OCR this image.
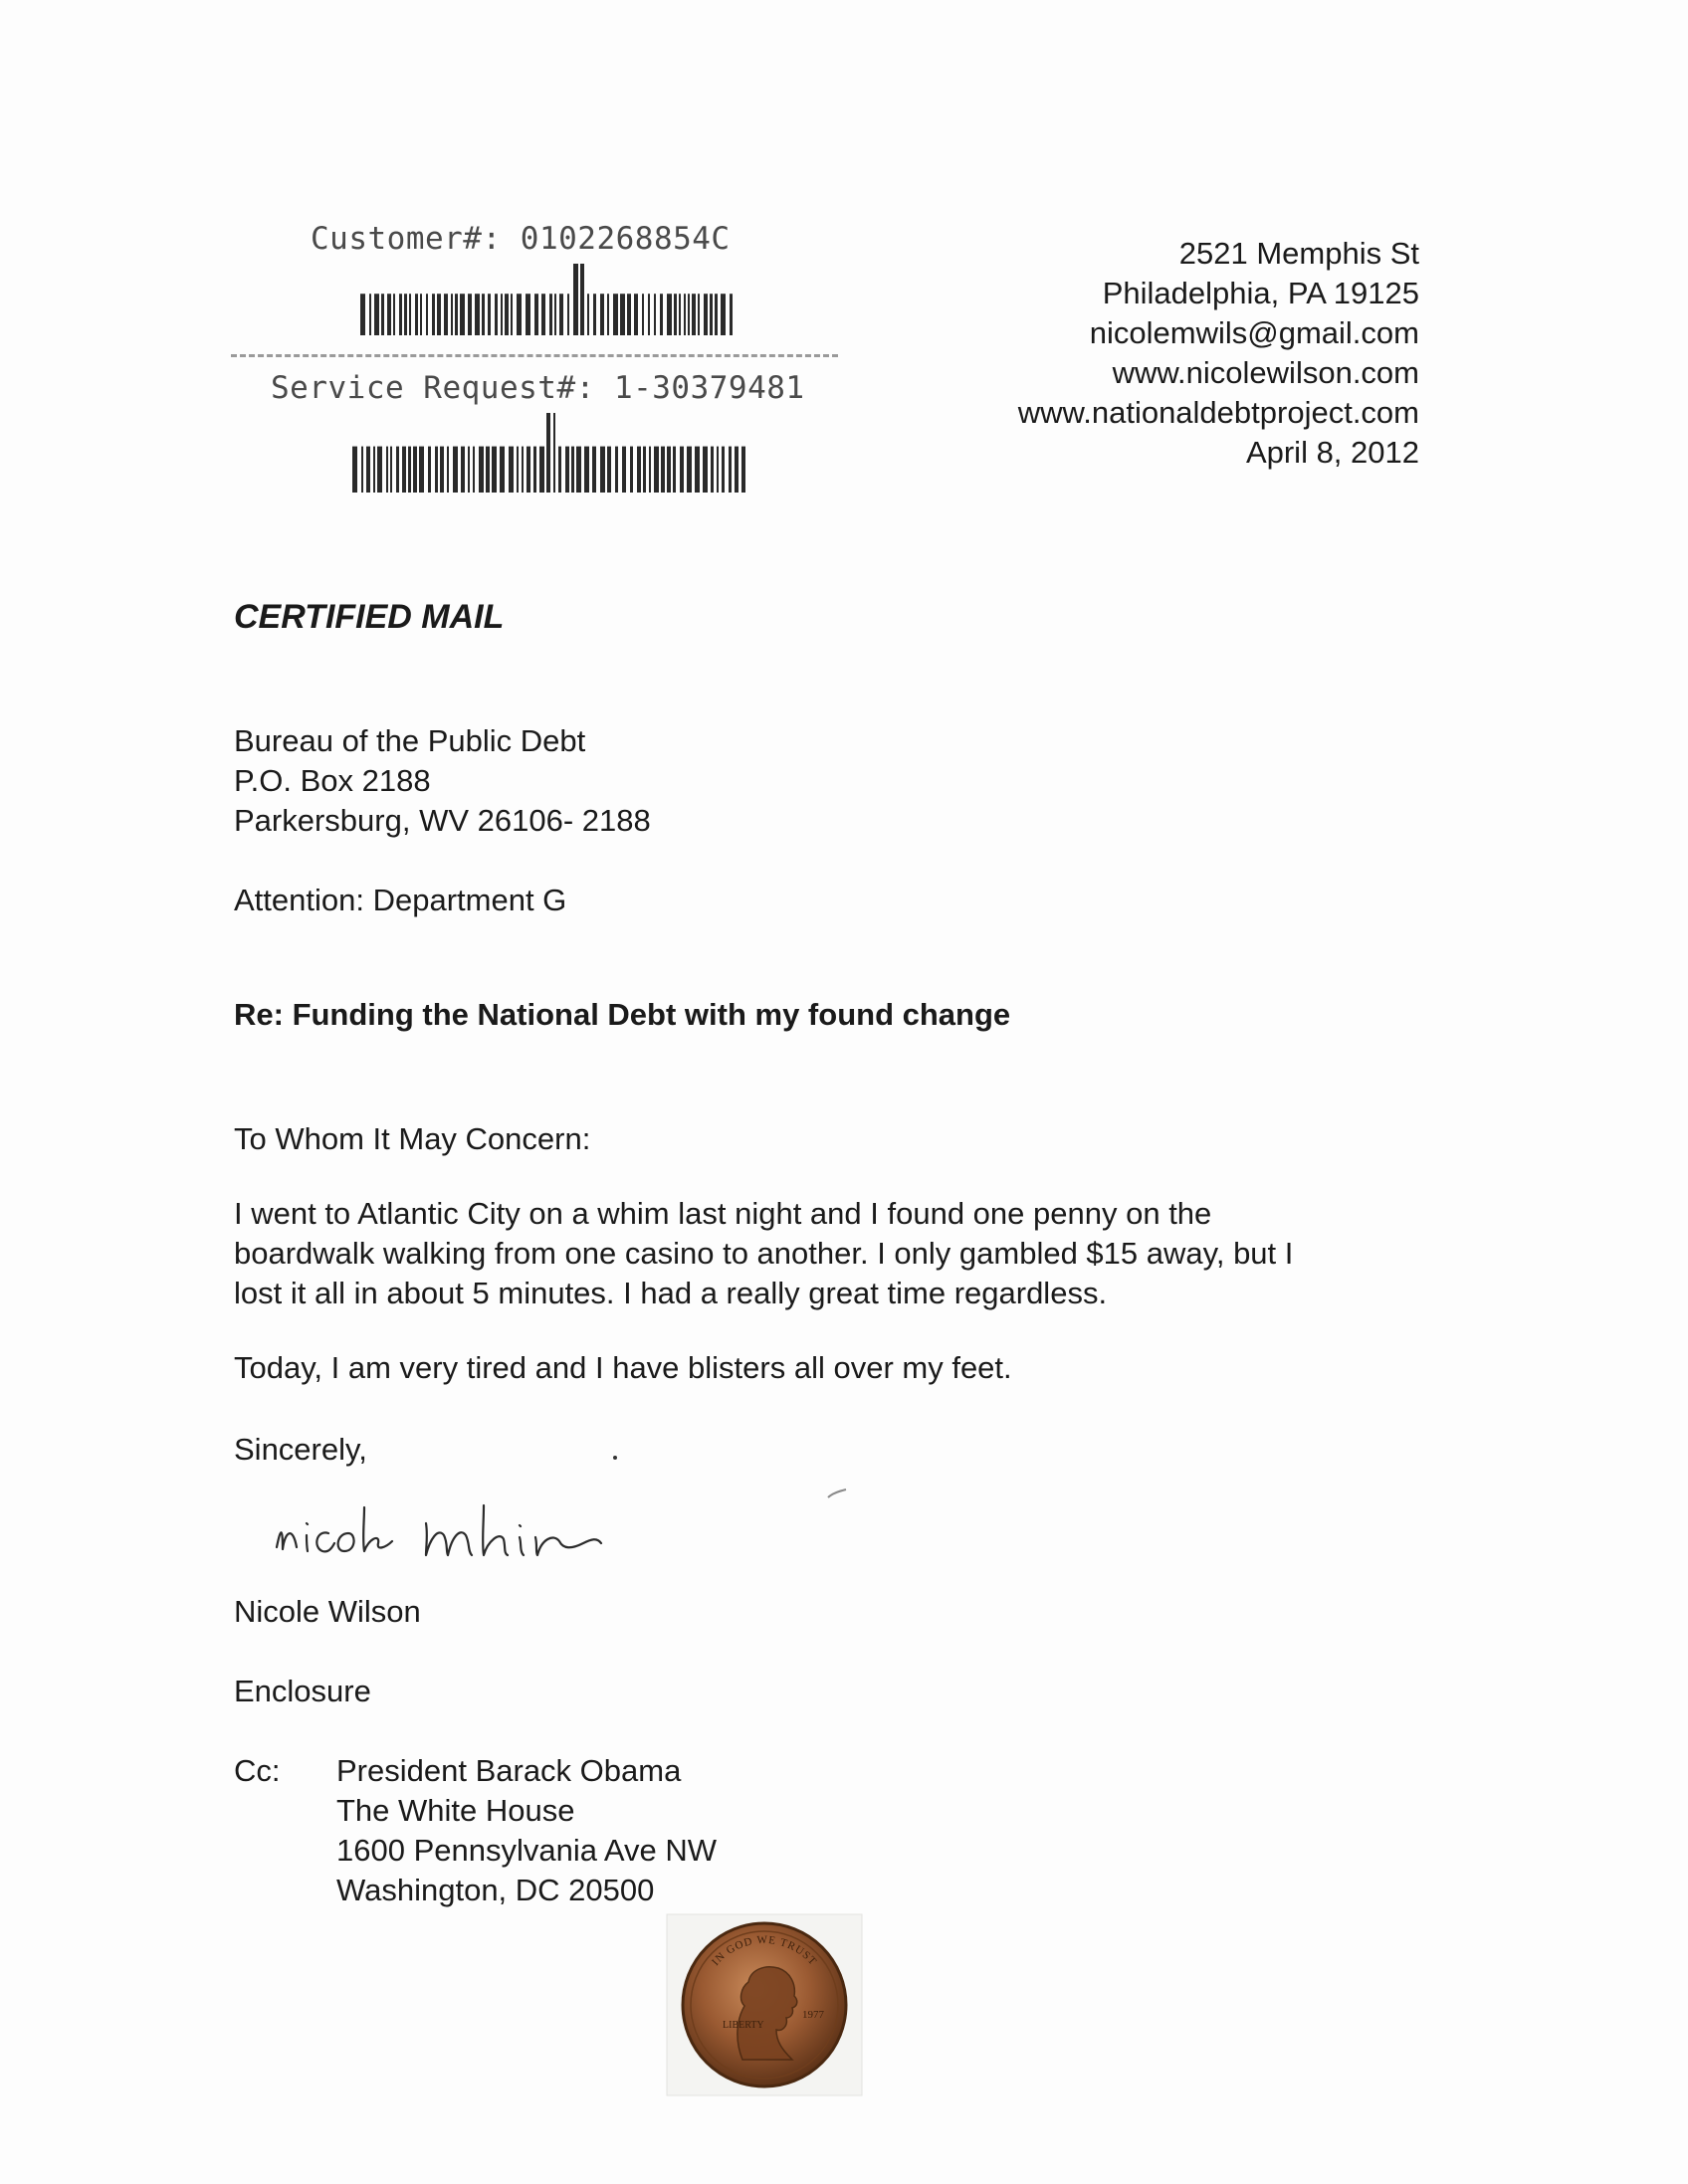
Customer#: 0102268854C
Service Request#: 1-30379481
2521 Memphis St
Philadelphia, PA 19125
nicolemwils@gmail.com
www.nicolewilson.com
www.nationaldebtproject.com
April 8, 2012
CERTIFIED MAIL
Bureau of the Public Debt
P.O. Box 2188
Parkersburg, WV 26106- 2188
Attention: Department G
Re: Funding the National Debt with my found change
To Whom It May Concern:
I went to Atlantic City on a whim last night and I found one penny on the
boardwalk walking from one casino to another. I only gambled $15 away, but I
lost it all in about 5 minutes. I had a really great time regardless.
Today, I am very tired and I have blisters all over my feet.
Sincerely,
Nicole Wilson
Enclosure
Cc: President Barack Obama
The White House
1600 Pennsylvania Ave NW
Washington, DC 20500
IN GOD WE TRUST
LIBERTY
1977
